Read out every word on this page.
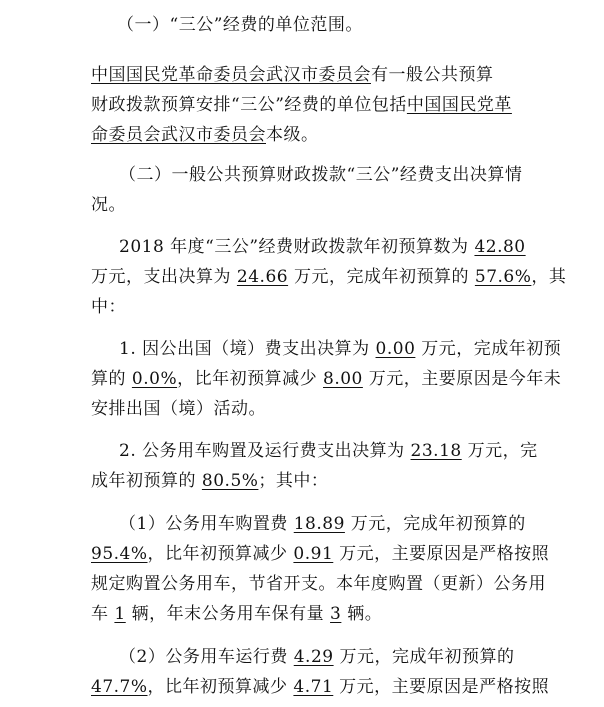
（一）“三公”经费的单位范围。
中国国民党革命委员会武汉市委员会有一般公共预算
财政拨款预算安排“三公”经费的单位包括中国国民党革
命委员会武汉市委员会本级。
（二）一般公共预算财政拨款“三公”经费支出决算情
况。
2018 年度“三公”经费财政拨款年初预算数为 42.80
万元，支出决算为 24.66 万元，完成年初预算的 57.6%，其
中：
1. 因公出国（境）费支出决算为 0.00 万元，完成年初预
算的 0.0%，比年初预算减少 8.00 万元，主要原因是今年未
安排出国（境）活动。
2. 公务用车购置及运行费支出决算为 23.18 万元，完
成年初预算的 80.5%；其中：
（1）公务用车购置费 18.89 万元，完成年初预算的
95.4%，比年初预算减少 0.91 万元，主要原因是严格按照
规定购置公务用车，节省开支。本年度购置（更新）公务用
车 1 辆，年末公务用车保有量 3 辆。
（2）公务用车运行费 4.29 万元，完成年初预算的
47.7%，比年初预算减少 4.71 万元，主要原因是严格按照
